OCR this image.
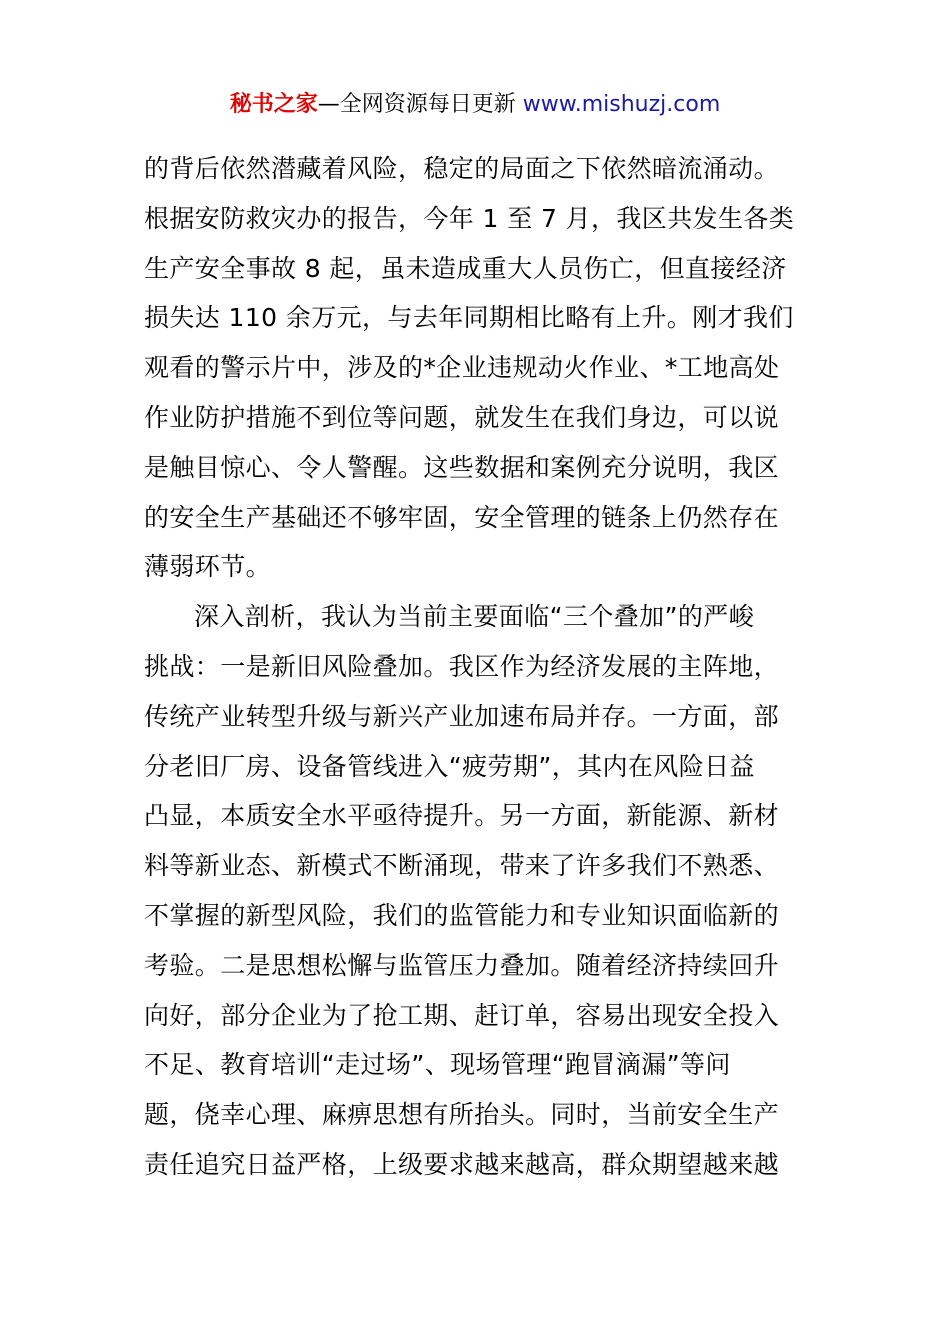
秘书之家—全网资源每日更新 www.mishuzj.com
的背后依然潜藏着风险，稳定的局面之下依然暗流涌动。
根据安防救灾办的报告，今年 1 至 7 月，我区共发生各类
生产安全事故 8 起，虽未造成重大人员伤亡，但直接经济
损失达 110 余万元，与去年同期相比略有上升。刚才我们
观看的警示片中，涉及的*企业违规动火作业、*工地高处
作业防护措施不到位等问题，就发生在我们身边，可以说
是触目惊心、令人警醒。这些数据和案例充分说明，我区
的安全生产基础还不够牢固，安全管理的链条上仍然存在
薄弱环节。
深入剖析，我认为当前主要面临“三个叠加”的严峻
挑战：一是新旧风险叠加。我区作为经济发展的主阵地，
传统产业转型升级与新兴产业加速布局并存。一方面，部
分老旧厂房、设备管线进入“疲劳期”，其内在风险日益
凸显，本质安全水平亟待提升。另一方面，新能源、新材
料等新业态、新模式不断涌现，带来了许多我们不熟悉、
不掌握的新型风险，我们的监管能力和专业知识面临新的
考验。二是思想松懈与监管压力叠加。随着经济持续回升
向好，部分企业为了抢工期、赶订单，容易出现安全投入
不足、教育培训“走过场”、现场管理“跑冒滴漏”等问
题，侥幸心理、麻痹思想有所抬头。同时，当前安全生产
责任追究日益严格，上级要求越来越高，群众期望越来越
